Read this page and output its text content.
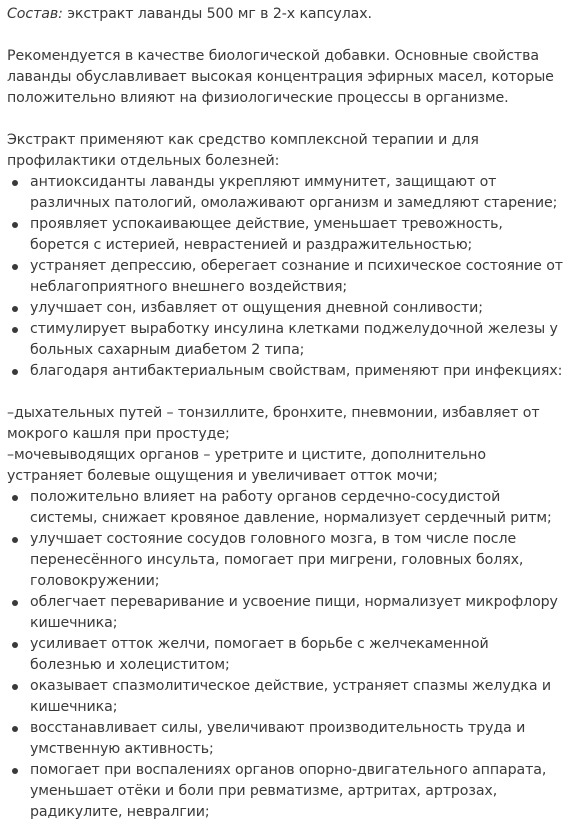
Состав: экстракт лаванды 500 мг в 2-х капсулах.

Рекомендуется в качестве биологической добавки. Основные свойства лаванды обуславливает высокая концентрация эфирных масел, которые положительно влияют на физиологические процессы в организме.

Экстракт применяют как средство комплексной терапии и для профилактики отдельных болезней:

антиоксиданты лаванды укрепляют иммунитет, защищают от различных патологий, омолаживают организм и замедляют старение;
проявляет успокаивающее действие, уменьшает тревожность, борется с истерией, неврастенией и раздражительностью;
устраняет депрессию, оберегает сознание и психическое состояние от неблагоприятного внешнего воздействия;
улучшает сон, избавляет от ощущения дневной сонливости;
стимулирует выработку инсулина клетками поджелудочной железы у больных сахарным диабетом 2 типа;
благодаря антибактериальным свойствам, применяют при инфекциях:

–дыхательных путей – тонзиллите, бронхите, пневмонии, избавляет от мокрого кашля при простуде;

–мочевыводящих органов – уретрите и цистите, дополнительно устраняет болевые ощущения и увеличивает отток мочи;

положительно влияет на работу органов сердечно-сосудистой системы, снижает кровяное давление, нормализует сердечный ритм;
улучшает состояние сосудов головного мозга, в том числе после перенесённого инсульта, помогает при мигрени, головных болях, головокружении;
облегчает переваривание и усвоение пищи, нормализует микрофлору кишечника;
усиливает отток желчи, помогает в борьбе с желчекаменной болезнью и холециститом;
оказывает спазмолитическое действие, устраняет спазмы желудка и кишечника;
восстанавливает силы, увеличивают производительность труда и умственную активность;
помогает при воспалениях органов опорно-двигательного аппарата, уменьшает отёки и боли при ревматизме, артритах, артрозах, радикулите, невралгии;
